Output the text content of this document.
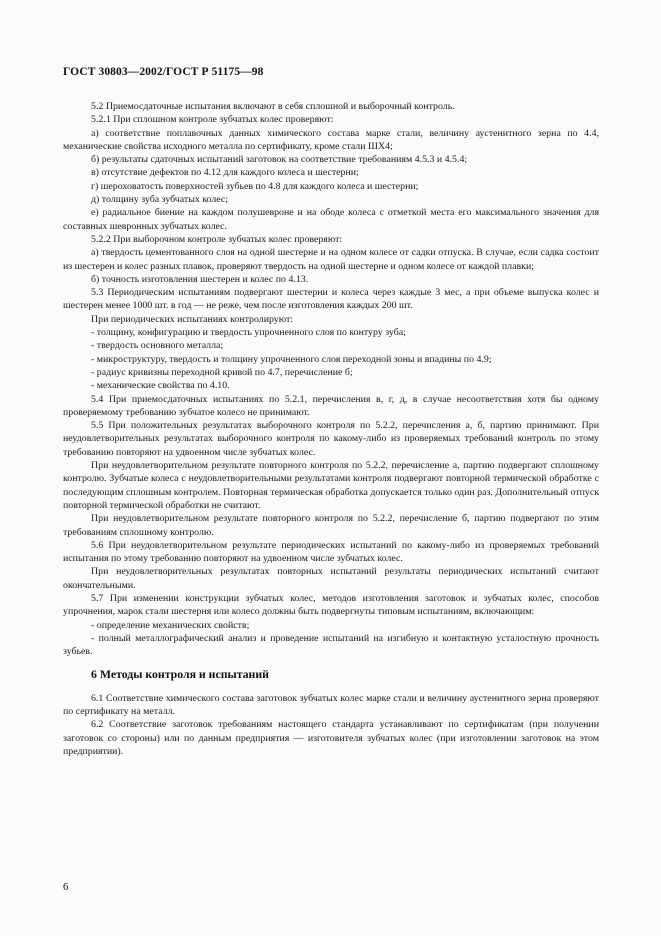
ГОСТ 30803—2002/ГОСТ Р 51175—98

5.2 Приемосдаточные испытания включают в себя сплошной и выборочный контроль.

5.2.1 При сплошном контроле зубчатых колес проверяют:

а) соответствие поплавочных данных химического состава марке стали, величину аустенитного зерна по 4.4, механические свойства исходного металла по сертификату, кроме стали ШХ4;

б) результаты сдаточных испытаний заготовок на соответствие требованиям 4.5.3 и 4.5.4;

в) отсутствие дефектов по 4.12 для каждого колеса и шестерни;

г) шероховатость поверхностей зубьев по 4.8 для каждого колеса и шестерни;

д) толщину зуба зубчатых колес;

е) радиальное биение на каждом полушевроне и на ободе колеса с отметкой места его максимального значения для составных шевронных зубчатых колес.

5.2.2 При выборочном контроле зубчатых колес проверяют:

а) твердость цементованного слоя на одной шестерне и на одном колесе от садки отпуска. В случае, если садка состоит из шестерен и колес разных плавок, проверяют твердость на одной шестерне и одном колесе от каждой плавки;

б) точность изготовления шестерен и колес по 4.13.

5.3 Периодическим испытаниям подвергают шестерни и колеса через каждые 3 мес, а при объеме выпуска колес и шестерен менее 1000 шт. в год — не реже, чем после изготовления каждых 200 шт.

При периодических испытаниях контролируют:

- толщину, конфигурацию и твердость упрочненного слоя по контуру зуба;

- твердость основного металла;

- микроструктуру, твердость и толщину упрочненного слоя переходной зоны и впадины по 4.9;

- радиус кривизны переходной кривой по 4.7, перечисление б;

- механические свойства по 4.10.

5.4 При приемосдаточных испытаниях по 5.2.1, перечисления в, г, д, в случае несоответствия хотя бы одному проверяемому требованию зубчатое колесо не принимают.

5.5 При положительных результатах выборочного контроля по 5.2.2, перечисления а, б, партию принимают. При неудовлетворительных результатах выборочного контроля по какому-либо из проверяемых требований контроль по этому требованию повторяют на удвоенном числе зубчатых колес.

При неудовлетворительном результате повторного контроля по 5.2.2, перечисление а, партию подвергают сплошному контролю. Зубчатые колеса с неудовлетворительными результатами контроля подвергают повторной термической обработке с последующим сплошным контролем. Повторная термическая обработка допускается только один раз. Дополнительный отпуск повторной термической обработки не считают.

При неудовлетворительном результате повторного контроля по 5.2.2, перечисление б, партию подвергают по этим требованиям сплошному контролю.

5.6 При неудовлетворительном результате периодических испытаний по какому-либо из проверяемых требований испытания по этому требованию повторяют на удвоенном числе зубчатых колес.

При неудовлетворительных результатах повторных испытаний результаты периодических испытаний считают окончательными.

5.7 При изменении конструкции зубчатых колес, методов изготовления заготовок и зубчатых колес, способов упрочнения, марок стали шестерня или колесо должны быть подвергнуты типовым испытаниям, включающим:

- определение механических свойств;

- полный металлографический анализ и проведение испытаний на изгибную и контактную усталостную прочность зубьев.

6 Методы контроля и испытаний

6.1 Соответствие химического состава заготовок зубчатых колес марке стали и величину аустенитного зерна проверяют по сертификату на металл.

6.2 Соответствие заготовок требованиям настоящего стандарта устанавливают по сертификатам (при получении заготовок со стороны) или по данным предприятия — изготовителя зубчатых колес (при изготовлении заготовок на этом предприятии).

6
